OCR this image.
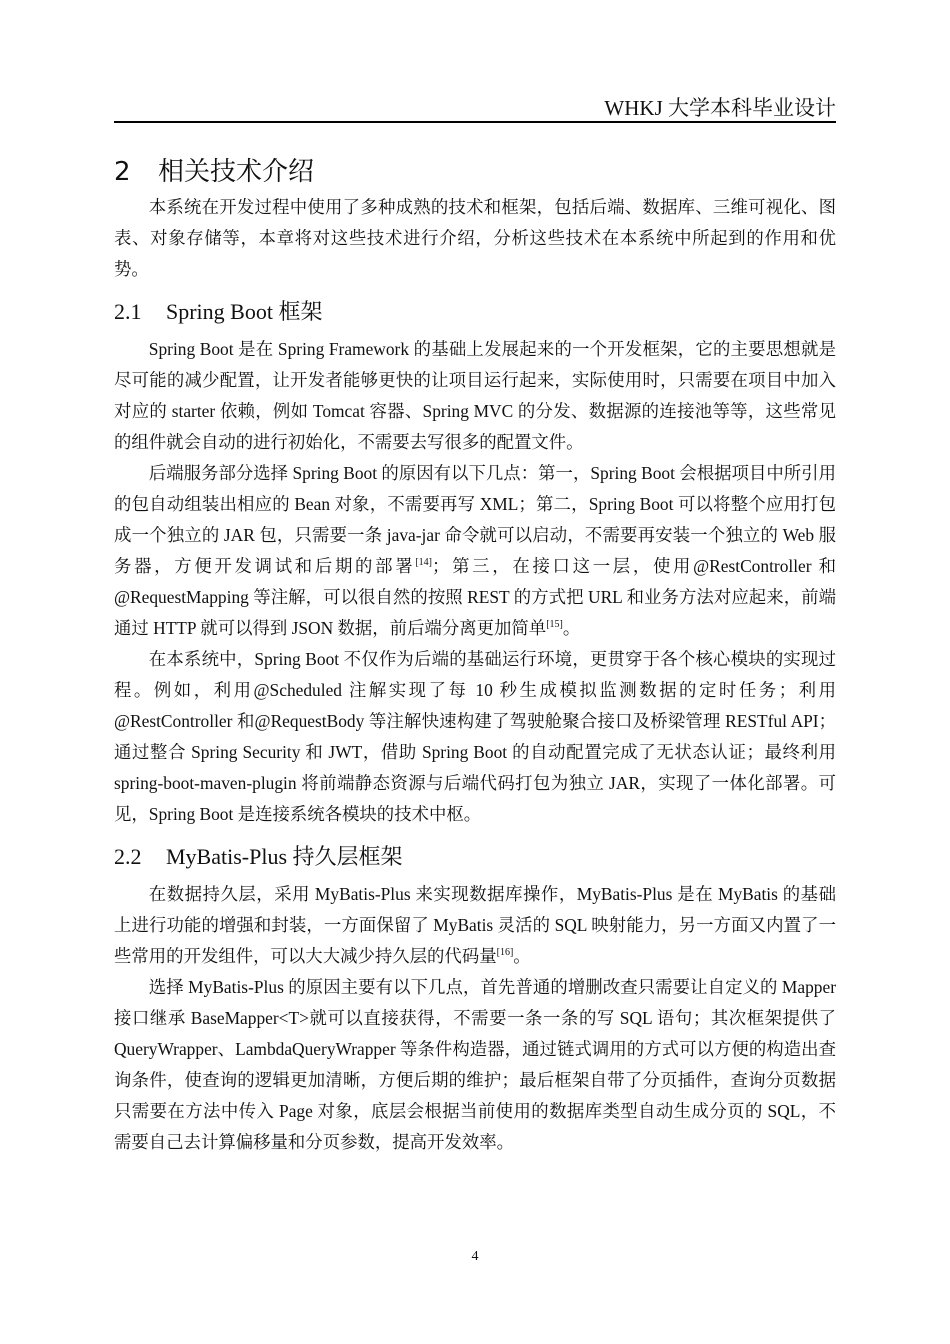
WHKJ 大学本科毕业设计
2 相关技术介绍

本系统在开发过程中使用了多种成熟的技术和框架，包括后端、数据库、三维可视化、图表、对象存储等，本章将对这些技术进行介绍，分析这些技术在本系统中所起到的作用和优势。

2.1 Spring Boot 框架

Spring Boot 是在 Spring Framework 的基础上发展起来的一个开发框架，它的主要思想就是尽可能的减少配置，让开发者能够更快的让项目运行起来，实际使用时，只需要在项目中加入对应的 starter 依赖，例如 Tomcat 容器、Spring MVC 的分发、数据源的连接池等等，这些常见的组件就会自动的进行初始化，不需要去写很多的配置文件。

后端服务部分选择 Spring Boot 的原因有以下几点：第一，Spring Boot 会根据项目中所引用的包自动组装出相应的 Bean 对象，不需要再写 XML；第二，Spring Boot 可以将整个应用打包成一个独立的 JAR 包，只需要一条 java-jar 命令就可以启动，不需要再安装一个独立的 Web 服务器，方便开发调试和后期的部署[14]；第三，在接口这一层，使用@RestController 和@RequestMapping 等注解，可以很自然的按照 REST 的方式把 URL 和业务方法对应起来，前端通过 HTTP 就可以得到 JSON 数据，前后端分离更加简单[15]。

在本系统中，Spring Boot 不仅作为后端的基础运行环境，更贯穿于各个核心模块的实现过程。例如，利用@Scheduled 注解实现了每 10 秒生成模拟监测数据的定时任务；利用@RestController 和@RequestBody 等注解快速构建了驾驶舱聚合接口及桥梁管理 RESTful API；通过整合 Spring Security 和 JWT，借助 Spring Boot 的自动配置完成了无状态认证；最终利用 spring-boot-maven-plugin 将前端静态资源与后端代码打包为独立 JAR，实现了一体化部署。可见，Spring Boot 是连接系统各模块的技术中枢。

2.2 MyBatis-Plus 持久层框架

在数据持久层，采用 MyBatis-Plus 来实现数据库操作，MyBatis-Plus 是在 MyBatis 的基础上进行功能的增强和封装，一方面保留了 MyBatis 灵活的 SQL 映射能力，另一方面又内置了一些常用的开发组件，可以大大减少持久层的代码量[16]。

选择 MyBatis-Plus 的原因主要有以下几点，首先普通的增删改查只需要让自定义的 Mapper 接口继承 BaseMapper<T>就可以直接获得，不需要一条一条的写 SQL 语句；其次框架提供了 QueryWrapper、LambdaQueryWrapper 等条件构造器，通过链式调用的方式可以方便的构造出查询条件，使查询的逻辑更加清晰，方便后期的维护；最后框架自带了分页插件，查询分页数据只需要在方法中传入 Page 对象，底层会根据当前使用的数据库类型自动生成分页的 SQL，不需要自己去计算偏移量和分页参数，提高开发效率。

4
